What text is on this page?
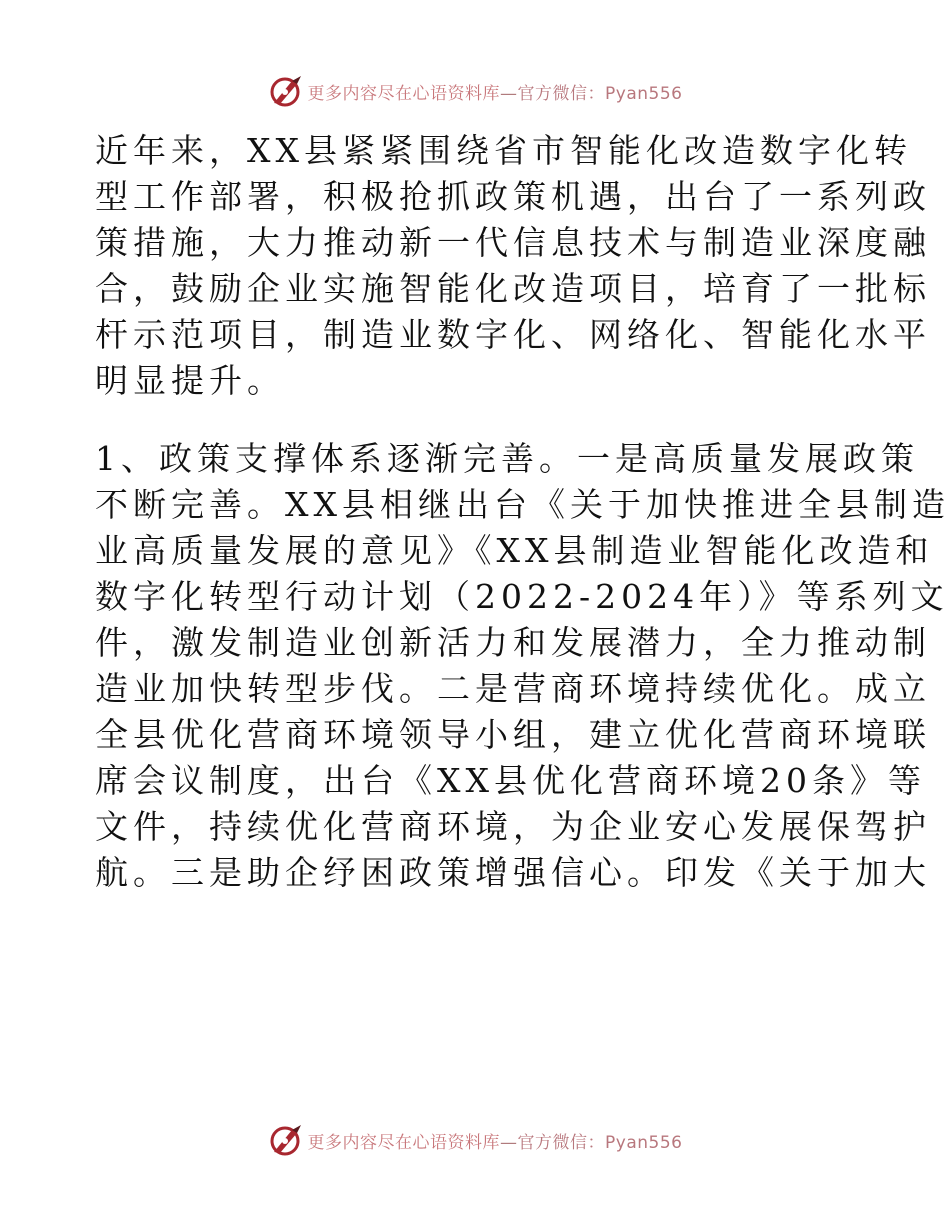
更多内容尽在心语资料库—官方微信：Pyan556

近年来，XX县紧紧围绕省市智能化改造数字化转
型工作部署，积极抢抓政策机遇，出台了一系列政
策措施，大力推动新一代信息技术与制造业深度融
合，鼓励企业实施智能化改造项目，培育了一批标
杆示范项目，制造业数字化、网络化、智能化水平
明显提升。

1、政策支撑体系逐渐完善。一是高质量发展政策
不断完善。XX县相继出台《关于加快推进全县制造
业高质量发展的意见》《XX县制造业智能化改造和
数字化转型行动计划（2022-2024年）》等系列文
件，激发制造业创新活力和发展潜力，全力推动制
造业加快转型步伐。二是营商环境持续优化。成立
全县优化营商环境领导小组，建立优化营商环境联
席会议制度，出台《XX县优化营商环境20条》等
文件，持续优化营商环境，为企业安心发展保驾护
航。三是助企纾困政策增强信心。印发《关于加大

更多内容尽在心语资料库—官方微信：Pyan556
